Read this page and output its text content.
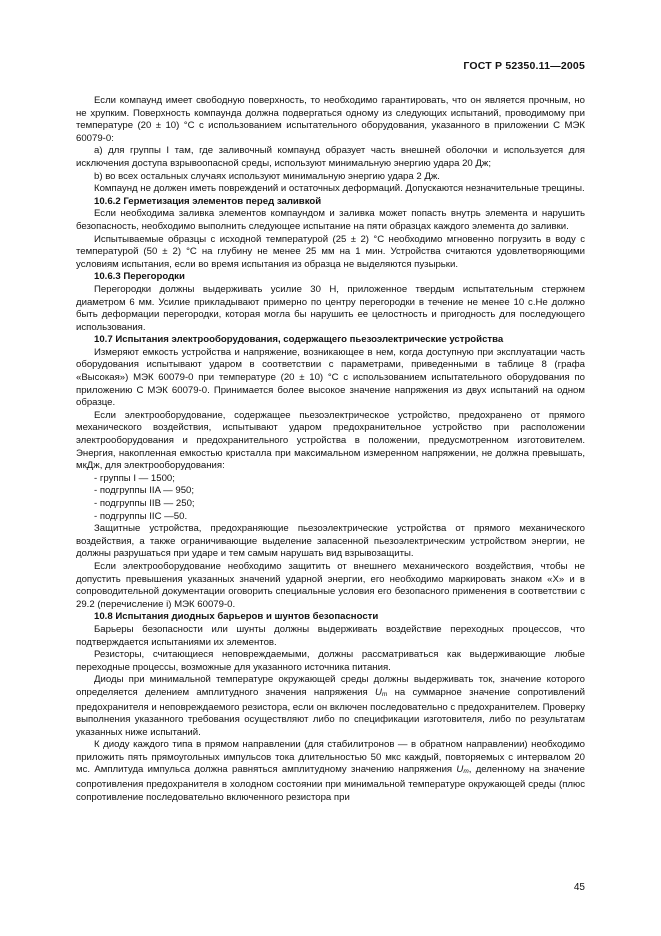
ГОСТ Р 52350.11—2005

Если компаунд имеет свободную поверхность, то необходимо гарантировать, что он является прочным, но не хрупким. Поверхность компаунда должна подвергаться одному из следующих испытаний, проводимому при температуре (20 ± 10) °С с использованием испытательного оборудования, указанного в приложении С МЭК 60079-0:

а) для группы I там, где заливочный компаунд образует часть внешней оболочки и используется для исключения доступа взрывоопасной среды, используют минимальную энергию удара 20 Дж;

b) во всех остальных случаях используют минимальную энергию удара 2 Дж.

Компаунд не должен иметь повреждений и остаточных деформаций. Допускаются незначительные трещины.

10.6.2 Герметизация элементов перед заливкой

Если необходима заливка элементов компаундом и заливка может попасть внутрь элемента и нарушить безопасность, необходимо выполнить следующее испытание на пяти образцах каждого элемента до заливки.

Испытываемые образцы с исходной температурой (25 ± 2) °С необходимо мгновенно погрузить в воду с температурой (50 ± 2) °С на глубину не менее 25 мм на 1 мин. Устройства считаются удовлетворяющими условиям испытания, если во время испытания из образца не выделяются пузырьки.

10.6.3 Перегородки

Перегородки должны выдерживать усилие 30 Н, приложенное твердым испытательным стержнем диаметром 6 мм. Усилие прикладывают примерно по центру перегородки в течение не менее 10 с.Не должно быть деформации перегородки, которая могла бы нарушить ее целостность и пригодность для последующего использования.

10.7 Испытания электрооборудования, содержащего пьезоэлектрические устройства

Измеряют емкость устройства и напряжение, возникающее в нем, когда доступную при эксплуатации часть оборудования испытывают ударом в соответствии с параметрами, приведенными в таблице 8 (графа «Высокая») МЭК 60079-0 при температуре (20 ± 10) °С с использованием испытательного оборудования по приложению С МЭК 60079-0. Принимается более высокое значение напряжения из двух испытаний на одном образце.

Если электрооборудование, содержащее пьезоэлектрическое устройство, предохранено от прямого механического воздействия, испытывают ударом предохранительное устройство при расположении электрооборудования и предохранительного устройства в положении, предусмотренном изготовителем. Энергия, накопленная емкостью кристалла при максимальном измеренном напряжении, не должна превышать, мкДж, для электрооборудования:

- группы I — 1500;

- подгруппы IIA — 950;

- подгруппы IIB — 250;

- подгруппы IIC —50.

Защитные устройства, предохраняющие пьезоэлектрические устройства от прямого механического воздействия, а также ограничивающие выделение запасенной пьезоэлектрическим устройством энергии, не должны разрушаться при ударе и тем самым нарушать вид взрывозащиты.

Если электрооборудование необходимо защитить от внешнего механического воздействия, чтобы не допустить превышения указанных значений ударной энергии, его необходимо маркировать знаком «Х» и в сопроводительной документации оговорить специальные условия его безопасного применения в соответствии с 29.2 (перечисление i) МЭК 60079-0.

10.8 Испытания диодных барьеров и шунтов безопасности

Барьеры безопасности или шунты должны выдерживать воздействие переходных процессов, что подтверждается испытаниями их элементов.

Резисторы, считающиеся неповреждаемыми, должны рассматриваться как выдерживающие любые переходные процессы, возможные для указанного источника питания.

Диоды при минимальной температуре окружающей среды должны выдерживать ток, значение которого определяется делением амплитудного значения напряжения $U_m$ на суммарное значение сопротивлений предохранителя и неповреждаемого резистора, если он включен последовательно с предохранителем. Проверку выполнения указанного требования осуществляют либо по спецификации изготовителя, либо по результатам указанных ниже испытаний.

К диоду каждого типа в прямом направлении (для стабилитронов — в обратном направлении) необходимо приложить пять прямоугольных импульсов тока длительностью 50 мкс каждый, повторяемых с интервалом 20 мс. Амплитуда импульса должна равняться амплитудному значению напряжения $U_m$, деленному на значение сопротивления предохранителя в холодном состоянии при минимальной температуре окружающей среды (плюс сопротивление последовательно включенного резистора при

45
